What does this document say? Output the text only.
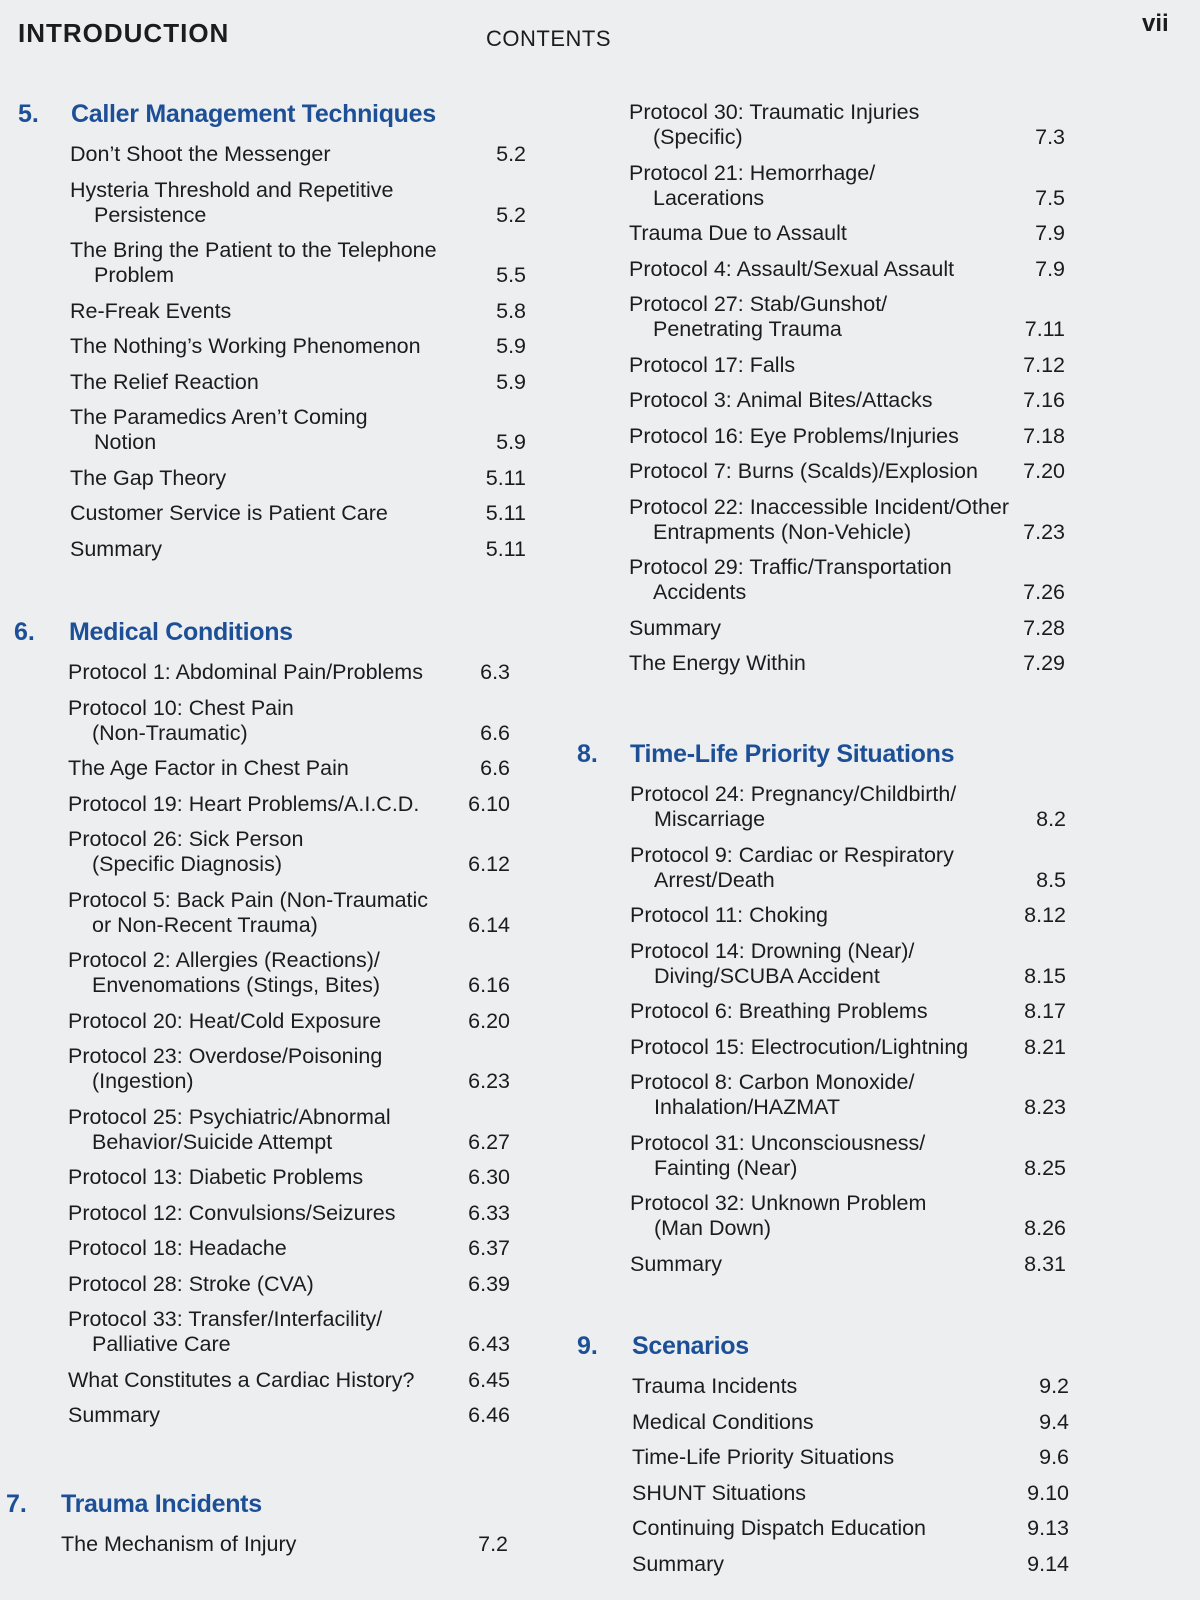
INTRODUCTION	CONTENTS
vii
5. Caller Management Techniques
Don’t Shoot the Messenger	5.2
Hysteria Threshold and Repetitive
Persistence	5.2
The Bring the Patient to the Telephone
Problem	5.5
Re-Freak Events	5.8
The Nothing’s Working Phenomenon	5.9
The Relief Reaction	5.9
The Paramedics Aren’t Coming
Notion	5.9
The Gap Theory	5.11
Customer Service is Patient Care	5.11
Summary	5.11
6. Medical Conditions
Protocol 1: Abdominal Pain/Problems	6.3
Protocol 10: Chest Pain
(Non-Traumatic)	6.6
The Age Factor in Chest Pain	6.6
Protocol 19: Heart Problems/A.I.C.D.	6.10
Protocol 26: Sick Person
(Specific Diagnosis)	6.12
Protocol 5: Back Pain (Non-Traumatic
or Non-Recent Trauma)	6.14
Protocol 2: Allergies (Reactions)/
Envenomations (Stings, Bites)	6.16
Protocol 20: Heat/Cold Exposure	6.20
Protocol 23: Overdose/Poisoning
(Ingestion)	6.23
Protocol 25: Psychiatric/Abnormal
Behavior/Suicide Attempt	6.27
Protocol 13: Diabetic Problems	6.30
Protocol 12: Convulsions/Seizures	6.33
Protocol 18: Headache	6.37
Protocol 28: Stroke (CVA)	6.39
Protocol 33: Transfer/Interfacility/
Palliative Care	6.43
What Constitutes a Cardiac History?	6.45
Summary	6.46
7. Trauma Incidents
The Mechanism of Injury	7.2
Protocol 30: Traumatic Injuries
(Specific)	7.3
Protocol 21: Hemorrhage/
Lacerations	7.5
Trauma Due to Assault	7.9
Protocol 4: Assault/Sexual Assault	7.9
Protocol 27: Stab/Gunshot/
Penetrating Trauma	7.11
Protocol 17: Falls	7.12
Protocol 3: Animal Bites/Attacks	7.16
Protocol 16: Eye Problems/Injuries	7.18
Protocol 7: Burns (Scalds)/Explosion	7.20
Protocol 22: Inaccessible Incident/Other
Entrapments (Non-Vehicle)	7.23
Protocol 29: Traffic/Transportation
Accidents	7.26
Summary	7.28
The Energy Within	7.29
8. Time-Life Priority Situations
Protocol 24: Pregnancy/Childbirth/
Miscarriage	8.2
Protocol 9: Cardiac or Respiratory
Arrest/Death	8.5
Protocol 11: Choking	8.12
Protocol 14: Drowning (Near)/
Diving/SCUBA Accident	8.15
Protocol 6: Breathing Problems	8.17
Protocol 15: Electrocution/Lightning	8.21
Protocol 8: Carbon Monoxide/
Inhalation/HAZMAT	8.23
Protocol 31: Unconsciousness/
Fainting (Near)	8.25
Protocol 32: Unknown Problem
(Man Down)	8.26
Summary	8.31
9. Scenarios
Trauma Incidents	9.2
Medical Conditions	9.4
Time-Life Priority Situations	9.6
SHUNT Situations	9.10
Continuing Dispatch Education	9.13
Summary	9.14
